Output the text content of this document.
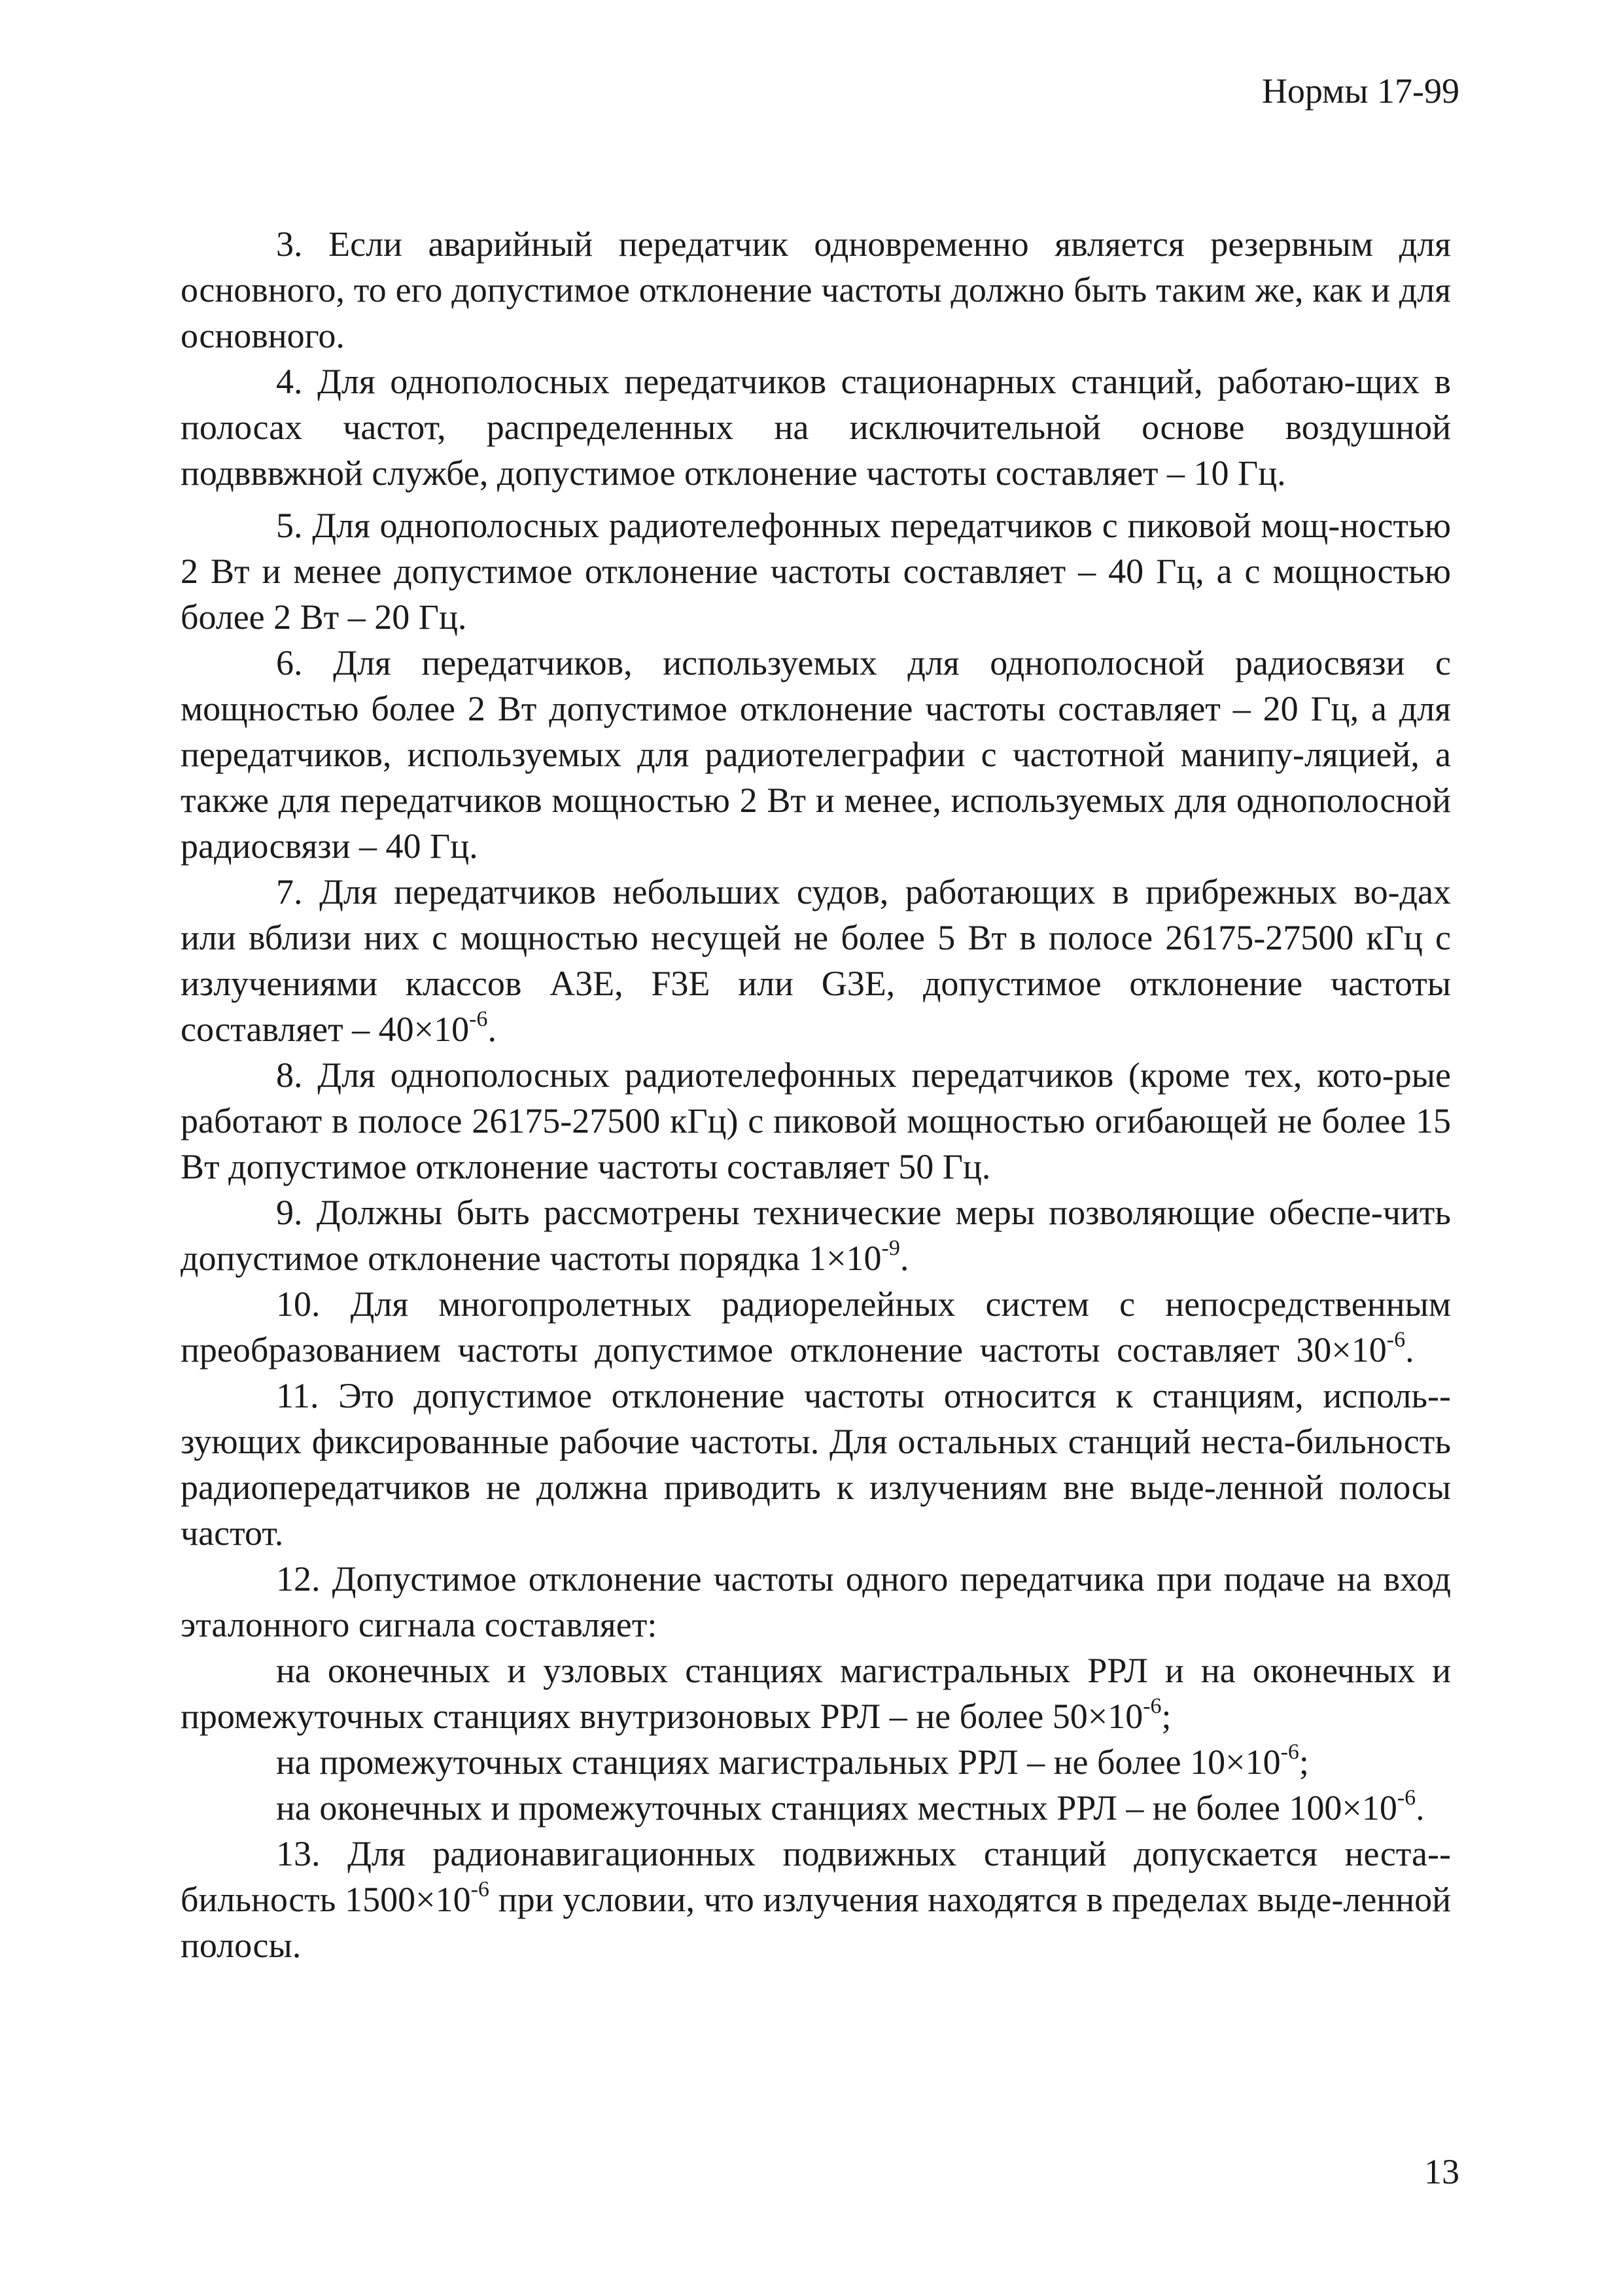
Нормы 17-99

3. Если аварийный передатчик одновременно является резервным для основного, то его допустимое отклонение частоты должно быть таким же, как и для основного.

4. Для однополосных передатчиков стационарных станций, работаю-щих в полосах частот, распределенных на исключительной основе воздушной подвввжной службе, допустимое отклонение частоты составляет – 10 Гц.

5. Для однополосных радиотелефонных передатчиков с пиковой мощ-ностью 2 Вт и менее допустимое отклонение частоты составляет – 40 Гц, а с мощностью более 2 Вт – 20 Гц.

6. Для передатчиков, используемых для однополосной радиосвязи с мощностью более 2 Вт допустимое отклонение частоты составляет – 20 Гц, а для передатчиков, используемых для радиотелеграфии с частотной манипу-ляцией, а также для передатчиков мощностью 2 Вт и менее, используемых для однополосной радиосвязи – 40 Гц.

7. Для передатчиков небольших судов, работающих в прибрежных во-дах или вблизи них с мощностью несущей не более 5 Вт в полосе 26175-27500 кГц с излучениями классов А3Е, F3E или G3E, допустимое отклонение частоты составляет – $40\times 10^{-6}$.

8. Для однополосных радиотелефонных передатчиков (кроме тех, кото-рые работают в полосе 26175-27500 кГц) с пиковой мощностью огибающей не более 15 Вт допустимое отклонение частоты составляет 50 Гц.

9. Должны быть рассмотрены технические меры позволяющие обеспе-чить допустимое отклонение частоты порядка $1\times 10^{-9}$.

10. Для многопролетных радиорелейных систем с непосредственным преобразованием частоты допустимое отклонение частоты составляет $30\times 10^{-6}$.

11. Это допустимое отклонение частоты относится к станциям, исполь-зующих фиксированные рабочие частоты. Для остальных станций неста-бильность радиопередатчиков не должна приводить к излучениям вне выде-ленной полосы частот.

12. Допустимое отклонение частоты одного передатчика при подаче на вход эталонного сигнала составляет:

на оконечных и узловых станциях магистральных РРЛ и на оконечных и промежуточных станциях внутризоновых РРЛ – не более $50\times 10^{-6}$;

на промежуточных станциях магистральных РРЛ – не более $10\times 10^{-6}$;

на оконечных и промежуточных станциях местных РРЛ – не более $100\times 10^{-6}$.

13. Для радионавигационных подвижных станций допускается неста-бильность $1500\times 10^{-6}$ при условии, что излучения находятся в пределах выде-ленной полосы.

13
